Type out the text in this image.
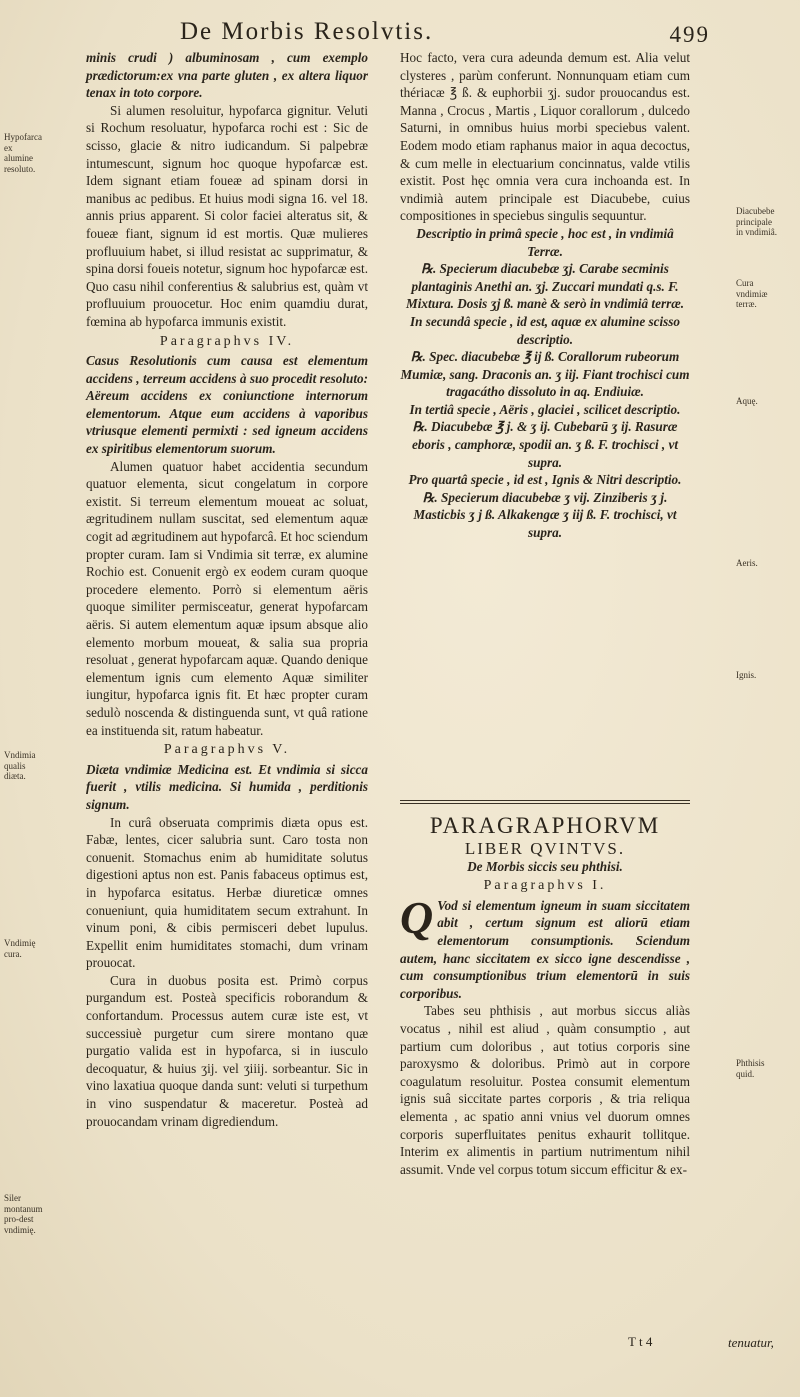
De Morbis Resolvtis.	499

minis crudi ) albuminosam , cum exemplo prædictorum:ex vna parte gluten , ex altera liquor tenax in toto corpore.

Si alumen resoluitur, hypofarca gignitur. Veluti si Rochum resoluatur, hypofarca rochi est : Sic de scisso, glacie & nitro iudicandum. Si palpebræ intumescunt, signum hoc quoque hypofarcæ est. Idem signant etiam foueæ ad spinam dorsi in manibus ac pedibus. Et huius modi signa 16. vel 18. annis prius apparent. Si color faciei alteratus sit, & foueæ fiant, signum id est mortis. Quæ mulieres profluuium habet, si illud resistat ac supprimatur, & spina dorsi foueis notetur, signum hoc hypofarcæ est. Quo casu nihil conferentius & salubrius est, quàm vt profluuium prouocetur. Hoc enim quamdiu durat, fœmina ab hypofarca immunis existit.

Paragraphvs IV.

Casus Resolutionis cum causa est elementum accidens , terreum accidens à suo procedit resoluto: Aëreum accidens ex coniunctione internorum elementorum. Atque eum accidens à vaporibus vtriusque elementi permixti : sed igneum accidens ex spiritibus elementorum suorum.

Alumen quatuor habet accidentia secundum quatuor elementa, sicut congelatum in corpore existit. Si terreum elementum moueat ac soluat, ægritudinem nullam suscitat, sed elementum aquæ cogit ad ægritudinem aut hypofarcâ. Et hoc sciendum propter curam. Iam si Vndimia sit terræ, ex alumine Rochio est. Conuenit ergò ex eodem curam quoque procedere elemento. Porrò si elementum aëris quoque similiter permisceatur, generat hypofarcam aëris. Si autem elementum aquæ ipsum absque alio elemento morbum moueat, & salia sua propria resoluat , generat hypofarcam aquæ. Quando denique elementum ignis cum elemento Aquæ similiter iungitur, hypofarca ignis fit. Et hæc propter curam sedulò noscenda & distinguenda sunt, vt quâ ratione ea instituenda sit, ratum habeatur.

Paragraphvs V.

Diæta vndimiæ Medicina est. Et vndimia si sicca fuerit , vtilis medicina. Si humida , perditionis signum.

In curâ obseruata comprimis diæta opus est. Fabæ, lentes, cicer salubria sunt. Caro tosta non conuenit. Stomachus enim ab humiditate solutus digestioni aptus non est. Panis fabaceus optimus est, in hypofarca esitatus. Herbæ diureticæ omnes conueniunt, quia humiditatem secum extrahunt. In vinum poni, & cibis permisceri debet lupulus. Expellit enim humiditates stomachi, dum vrinam prouocat.

Cura in duobus posita est. Primò corpus purgandum est. Posteà specificis roborandum & confortandum. Processus autem curæ iste est, vt successiuè purgetur cum sirere montano quæ purgatio valida est in hypofarca, si in iusculo decoquatur, & huius ʒij. vel ʒiiij. sorbeantur. Sic in vino laxatiua quoque danda sunt: veluti si turpethum in vino suspendatur & maceretur. Posteà ad prouocandam vrinam digrediendum.

Hypofarca ex alumine resoluto.
Vndimia qualis diæta.
Vndimię cura.
Siler montanum pro-dest vndimię.

Hoc facto, vera cura adeunda demum est. Alia velut clysteres , parùm conferunt. Nonnunquam etiam cum thériacæ ℥ ß. & euphorbii ʒj. sudor prouocandus est. Manna , Crocus , Martis , Liquor corallorum , dulcedo Saturni, in omnibus huius morbi speciebus valent. Eodem modo etiam raphanus maior in aqua decoctus, & cum melle in electuarium concinnatus, valde vtilis existit. Post hęc omnia vera cura inchoanda est. In vndimià autem principale est Diacubebe, cuius compositiones in speciebus singulis sequuntur.

Descriptio in primâ specie , hoc est , in vndimiâ Terræ.

℞. Specierum diacubebæ ʒj. Carabe secminis plantaginis Anethi an. ʒj. Zuccari mundati q.s. F. Mixtura. Dosis ʒj ß. manè & serò in vndimiâ terræ.

In secundâ specie , id est, aquæ ex alumine scisso descriptio.

℞. Spec. diacubebæ ℥ ij ß. Corallorum rubeorum Mumiæ, sang. Draconis an. ʒ iij. Fiant trochisci cum tragacátho dissoluto in aq. Endiuiæ.

In tertiâ specie , Aëris , glaciei , scilicet descriptio.

℞. Diacubebæ ℥ j. & ʒ ij. Cubebarū ʒ ij. Rasuræ eboris , camphoræ, spodii an. ʒ ß. F. trochisci , vt supra.

Pro quartâ specie , id est , Ignis & Nitri descriptio.

℞. Specierum diacubebæ ʒ vij. Zinziberis ʒ j. Masticbis ʒ j ß. Alkakengæ ʒ iij ß. F. trochisci, vt supra.

PARAGRAPHORVM

LIBER QVINTVS.

De Morbis siccis seu phthisi.

Paragraphvs I.

Q Vod si elementum igneum in suam siccitatem abit , certum signum est aliorū etiam elementorum consumptionis. Sciendum autem, hanc siccitatem ex sicco igne descendisse , cum consumptionibus trium elementorū in suis corporibus.

Tabes seu phthisis , aut morbus siccus aliàs vocatus , nihil est aliud , quàm consumptio , aut partium cum doloribus , aut totius corporis sine paroxysmo & doloribus. Primò aut in corpore coagulatum resoluitur. Postea consumit elementum ignis suâ siccitate partes corporis , & tria reliqua elementa , ac spatio anni vnius vel duorum omnes corporis superfluitates penitus exhaurit tollitque. Interim ex alimentis in partium nutrimentum nihil assumit. Vnde vel corpus totum siccum efficitur & ex-

Diacubebe principale in vndimiâ.
Cura vndimiæ terræ.
Aquę.
Aeris.
Ignis.
Phthisis quid.
T t 4	tenuatur,
